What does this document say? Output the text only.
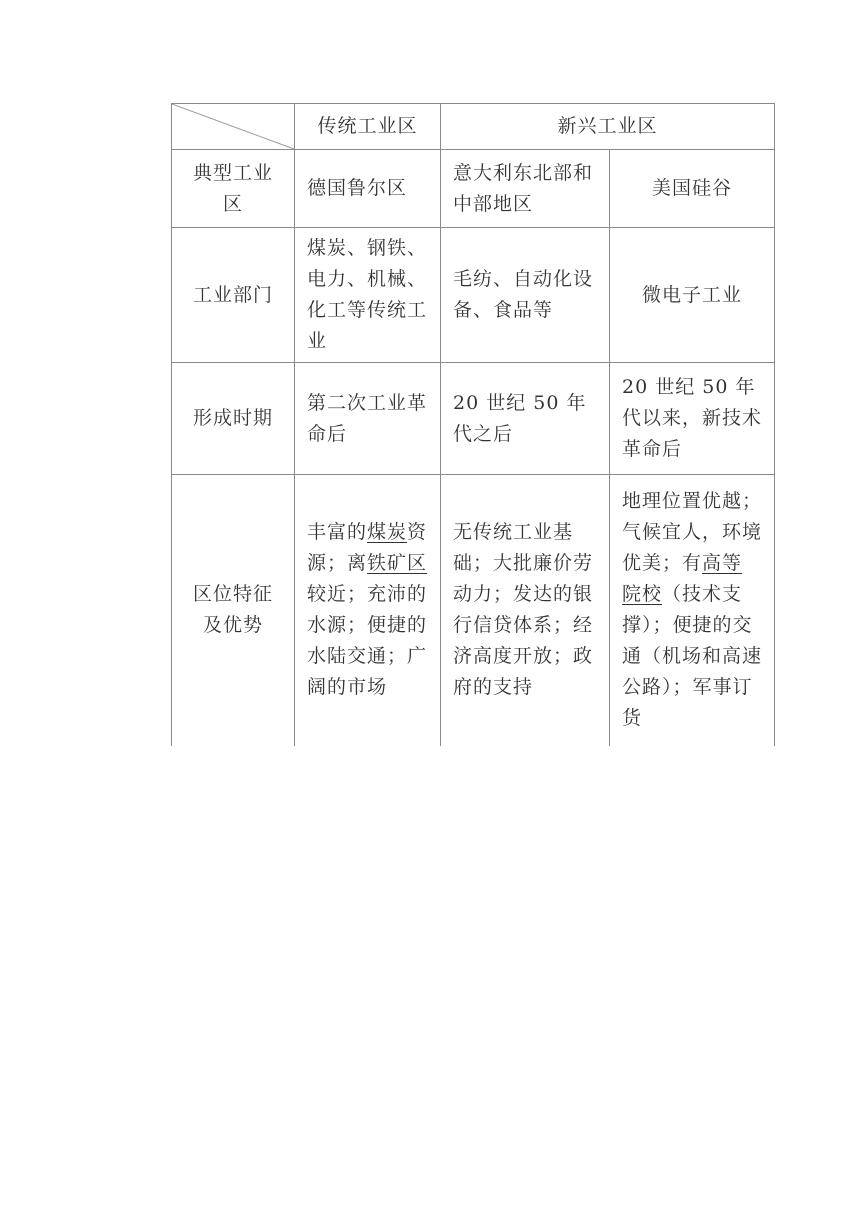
	传统工业区	新兴工业区	
典型工业区	德国鲁尔区	意大利东北部和中部地区	美国硅谷
工业部门	煤炭、钢铁、电力、机械、化工等传统工业	毛纺、自动化设备、食品等	微电子工业
形成时期	第二次工业革命后	20 世纪 50 年代之后	20 世纪 50 年代以来，新技术革命后
区位特征及优势	丰富的煤炭资源；离铁矿区较近；充沛的水源；便捷的水陆交通；广阔的市场	无传统工业基础；大批廉价劳动力；发达的银行信贷体系；经济高度开放；政府的支持	地理位置优越；气候宜人，环境优美；有高等院校（技术支撑）；便捷的交通（机场和高速公路）；军事订货
